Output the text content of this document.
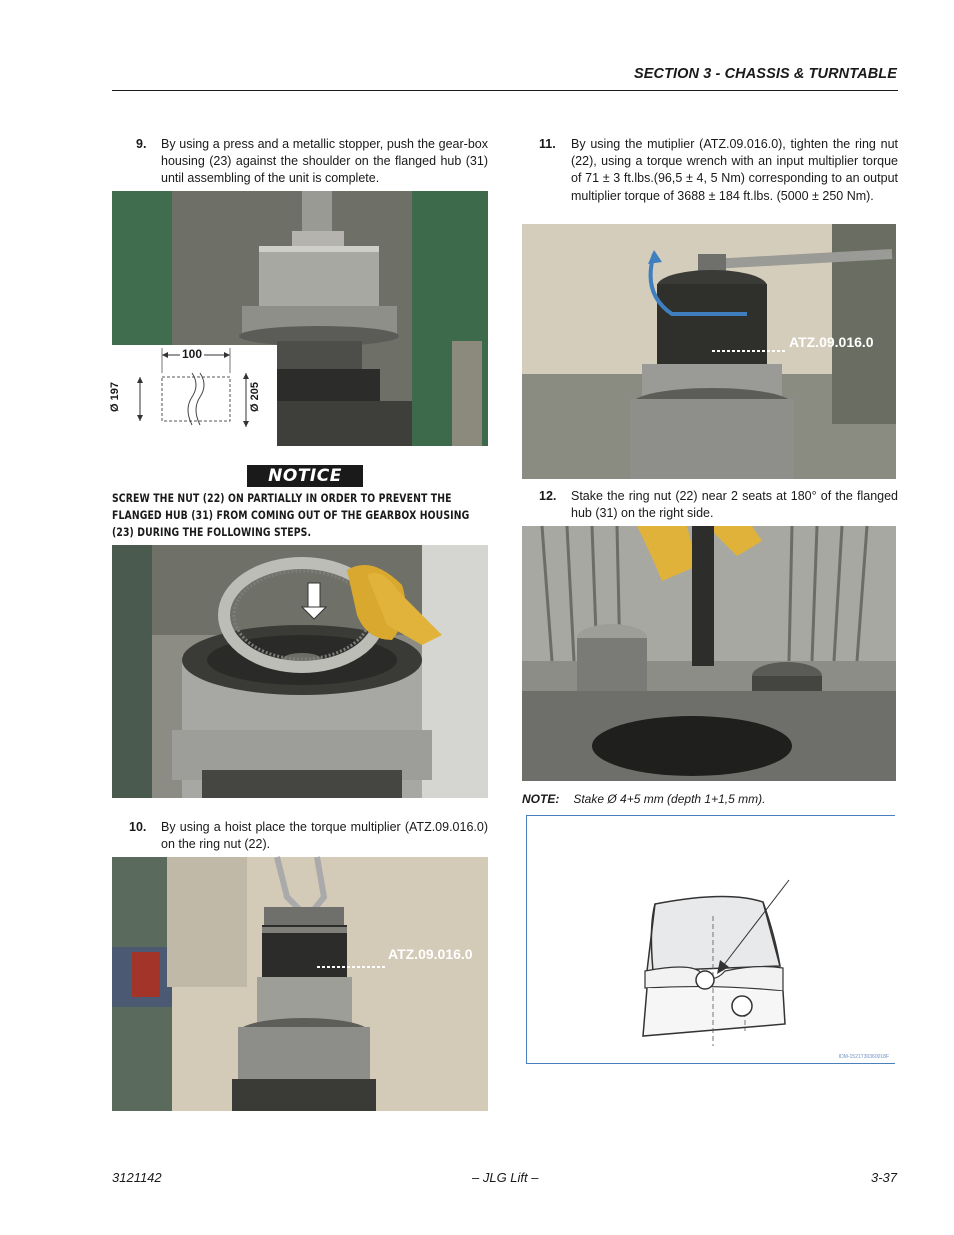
SECTION 3 - CHASSIS & TURNTABLE
9. By using a press and a metallic stopper, push the gear-box housing (23) against the shoulder on the flanged hub (31) until assembling of the unit is complete.
100
Ø 197	Ø 205
NOTICE
SCREW THE NUT (22) ON PARTIALLY IN ORDER TO PREVENT THE FLANGED HUB (31) FROM COMING OUT OF THE GEARBOX HOUSING (23) DURING THE FOLLOWING STEPS.
10. By using a hoist place the torque multiplier (ATZ.09.016.0) on the ring nut (22).
ATZ.09.016.0
11. By using the mutiplier (ATZ.09.016.0), tighten the ring nut (22), using a torque wrench with an input multiplier torque of 71 ± 3 ft.lbs.(96,5 ± 4, 5 Nm) corresponding to an output multiplier torque of 3688 ± 184 ft.lbs. (5000 ± 250 Nm).
ATZ.09.016.0
12. Stake the ring nut (22) near 2 seats at 180° of the flanged hub (31) on the right side.
NOTE: Stake Ø 4+5 mm (depth 1+1,5 mm).
IDM-1521T30360018F
3121142	– JLG Lift –	3-37
